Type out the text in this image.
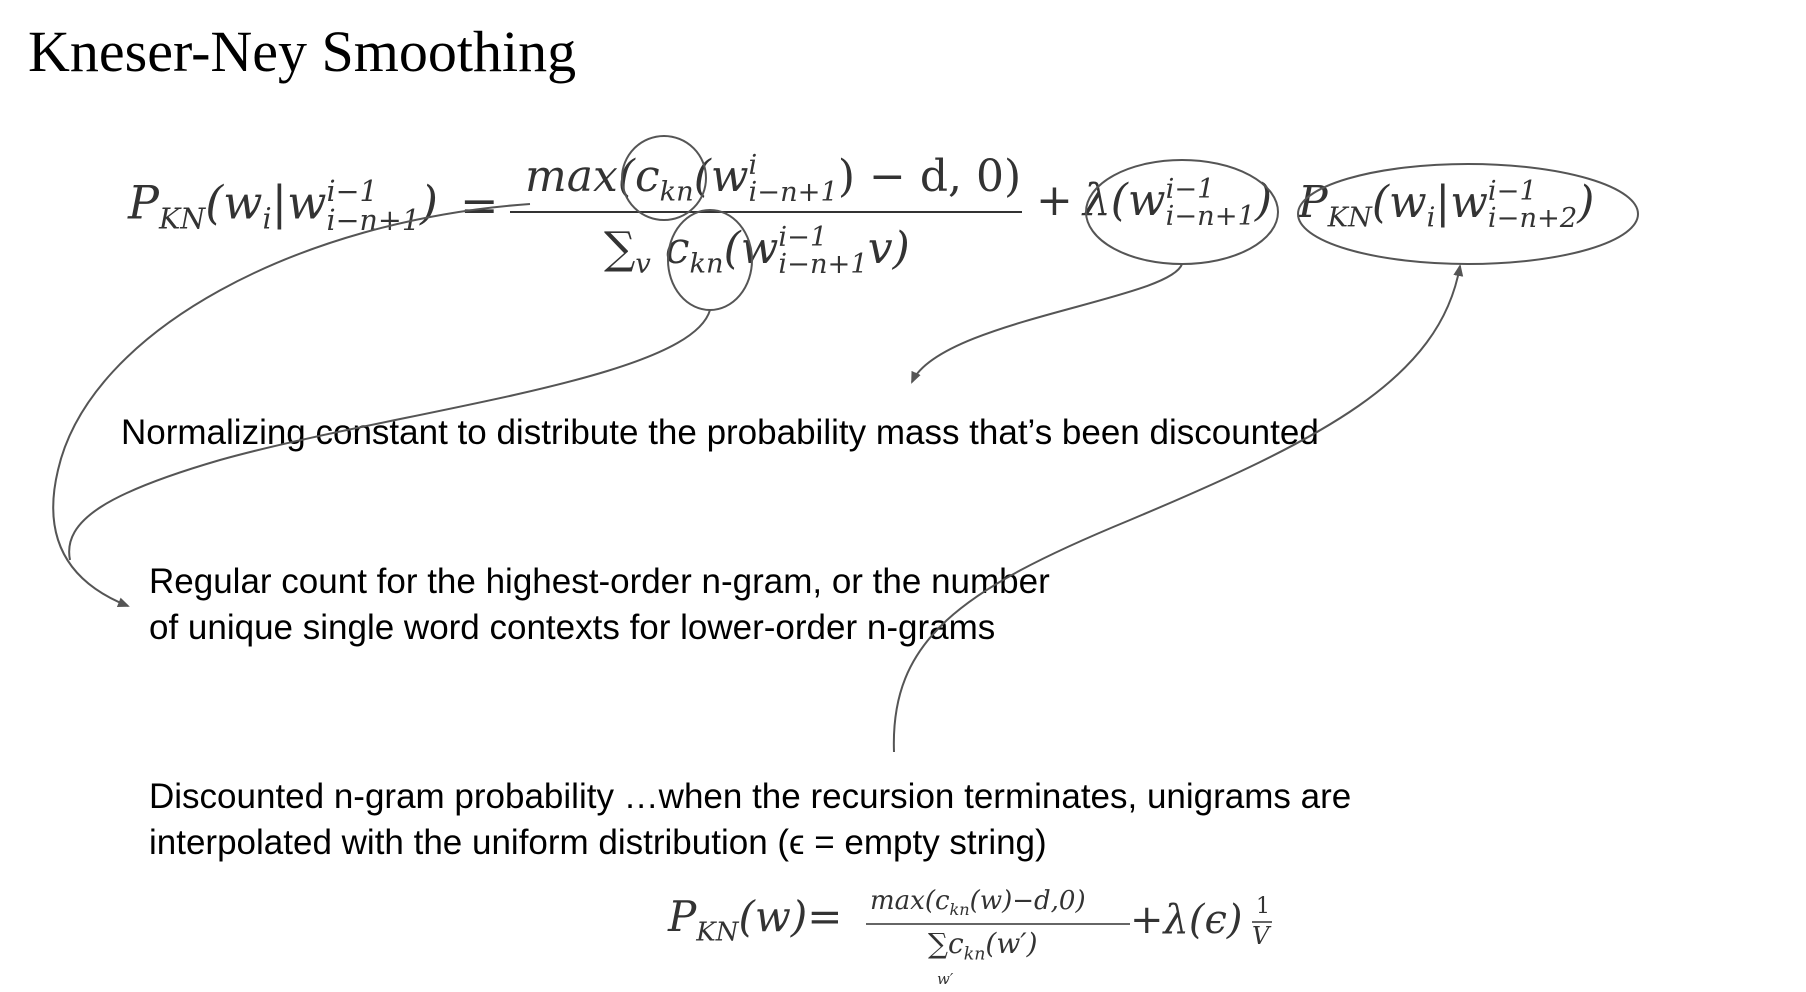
Kneser-Ney Smoothing
$P_{KN}(w_i|w$ i−1
i−n+1 ) =
$\max(c_{kn}(w$ i
i−n+1 ) − d, 0)
$\sum_v$ $c_{kn}(w$ i−1
i−n+1 v)
+ λ(w i−1
i−n+1 ) $P_{KN}(w_i|w$ i−1
i−n+2 )
Normalizing constant to distribute the probability mass that’s been discounted
Regular count for the highest-order n-gram, or the number
of unique single word contexts for lower-order n-grams
Discounted n-gram probability …when the recursion terminates, unigrams are
interpolated with the uniform distribution (ϵ = empty string)
$P_{KN}(w)= \max(c_{kn}(w)-d,0)$
$\sum c_{kn}(w')$
w′
+λ(ϵ) 1
V
